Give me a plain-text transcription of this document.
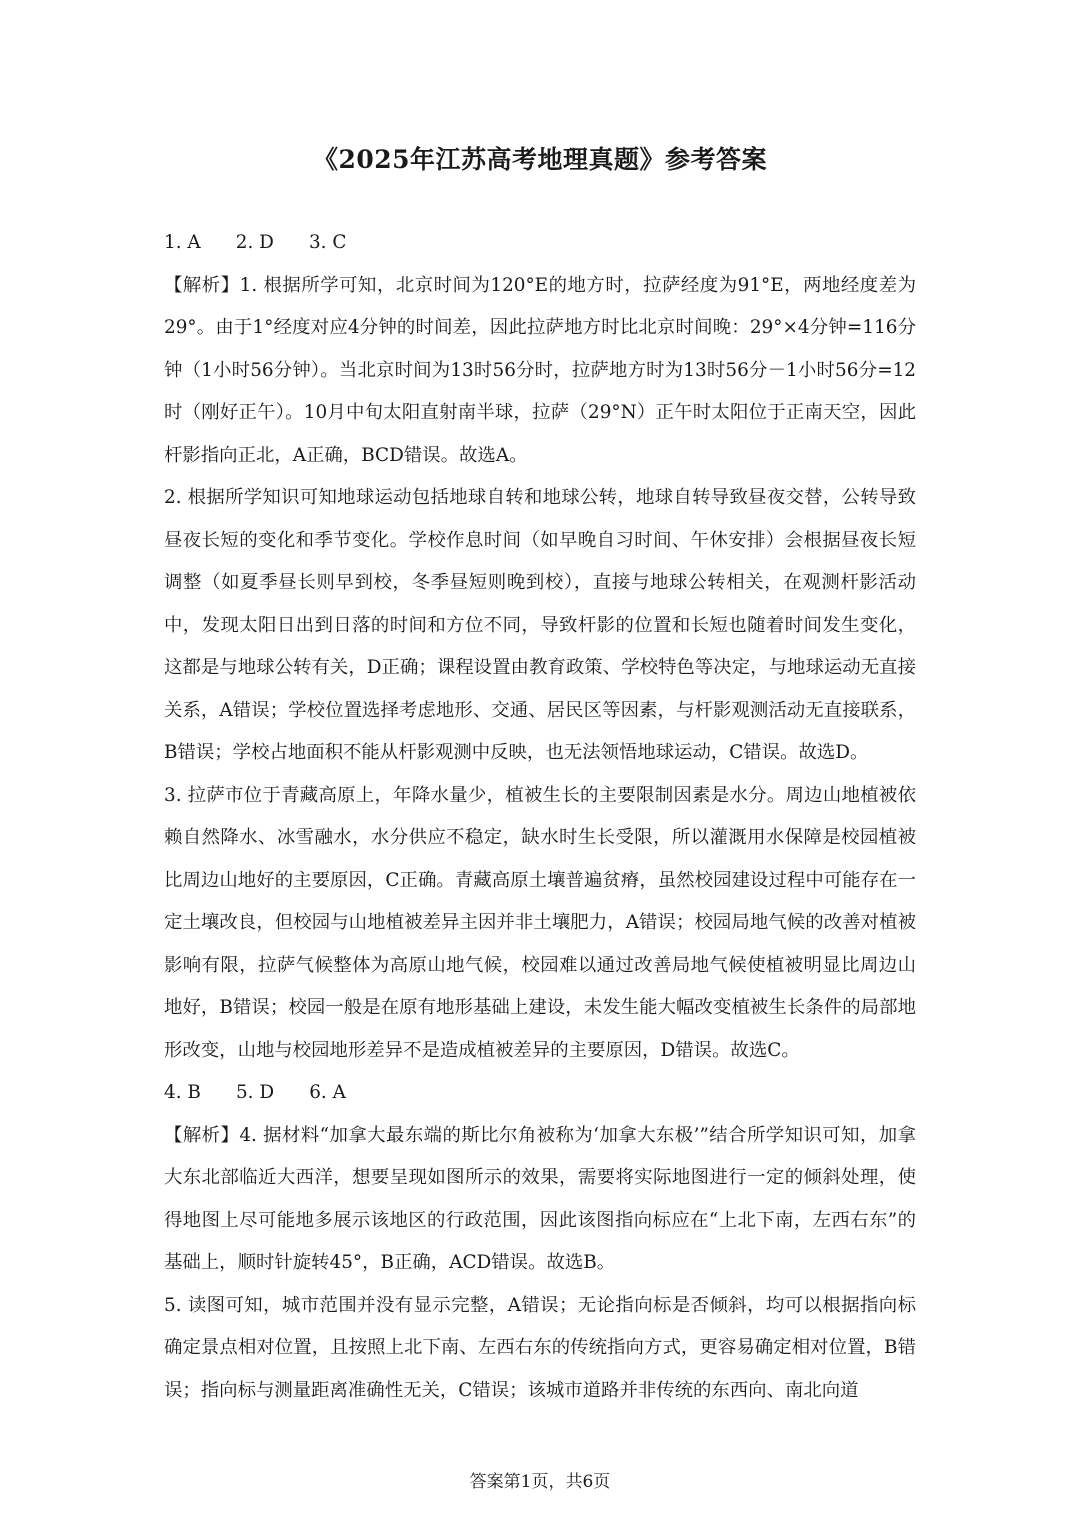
《2025年江苏高考地理真题》参考答案

1. A      2. D      3. C

【解析】1. 根据所学可知，北京时间为120°E的地方时，拉萨经度为91°E，两地经度差为29°。由于1°经度对应4分钟的时间差，因此拉萨地方时比北京时间晚：29°×4分钟=116分钟（1小时56分钟）。当北京时间为13时56分时，拉萨地方时为13时56分－1小时56分=12时（刚好正午）。10月中旬太阳直射南半球，拉萨（29°N）正午时太阳位于正南天空，因此杆影指向正北，A正确，BCD错误。故选A。

2. 根据所学知识可知地球运动包括地球自转和地球公转，地球自转导致昼夜交替，公转导致昼夜长短的变化和季节变化。学校作息时间（如早晚自习时间、午休安排）会根据昼夜长短调整（如夏季昼长则早到校，冬季昼短则晚到校），直接与地球公转相关，在观测杆影活动中，发现太阳日出到日落的时间和方位不同，导致杆影的位置和长短也随着时间发生变化，这都是与地球公转有关，D正确；课程设置由教育政策、学校特色等决定，与地球运动无直接关系，A错误；学校位置选择考虑地形、交通、居民区等因素，与杆影观测活动无直接联系，B错误；学校占地面积不能从杆影观测中反映，也无法领悟地球运动，C错误。故选D。

3. 拉萨市位于青藏高原上，年降水量少，植被生长的主要限制因素是水分。周边山地植被依赖自然降水、冰雪融水，水分供应不稳定，缺水时生长受限，所以灌溉用水保障是校园植被比周边山地好的主要原因，C正确。青藏高原土壤普遍贫瘠，虽然校园建设过程中可能存在一定土壤改良，但校园与山地植被差异主因并非土壤肥力，A错误；校园局地气候的改善对植被影响有限，拉萨气候整体为高原山地气候，校园难以通过改善局地气候使植被明显比周边山地好，B错误；校园一般是在原有地形基础上建设，未发生能大幅改变植被生长条件的局部地形改变，山地与校园地形差异不是造成植被差异的主要原因，D错误。故选C。

4. B      5. D      6. A

【解析】4. 据材料“加拿大最东端的斯比尔角被称为‘加拿大东极’”结合所学知识可知，加拿大东北部临近大西洋，想要呈现如图所示的效果，需要将实际地图进行一定的倾斜处理，使得地图上尽可能地多展示该地区的行政范围，因此该图指向标应在“上北下南，左西右东”的基础上，顺时针旋转45°，B正确，ACD错误。故选B。

5. 读图可知，城市范围并没有显示完整，A错误；无论指向标是否倾斜，均可以根据指向标确定景点相对位置，且按照上北下南、左西右东的传统指向方式，更容易确定相对位置，B错误；指向标与测量距离准确性无关，C错误；该城市道路并非传统的东西向、南北向道

答案第1页，共6页
